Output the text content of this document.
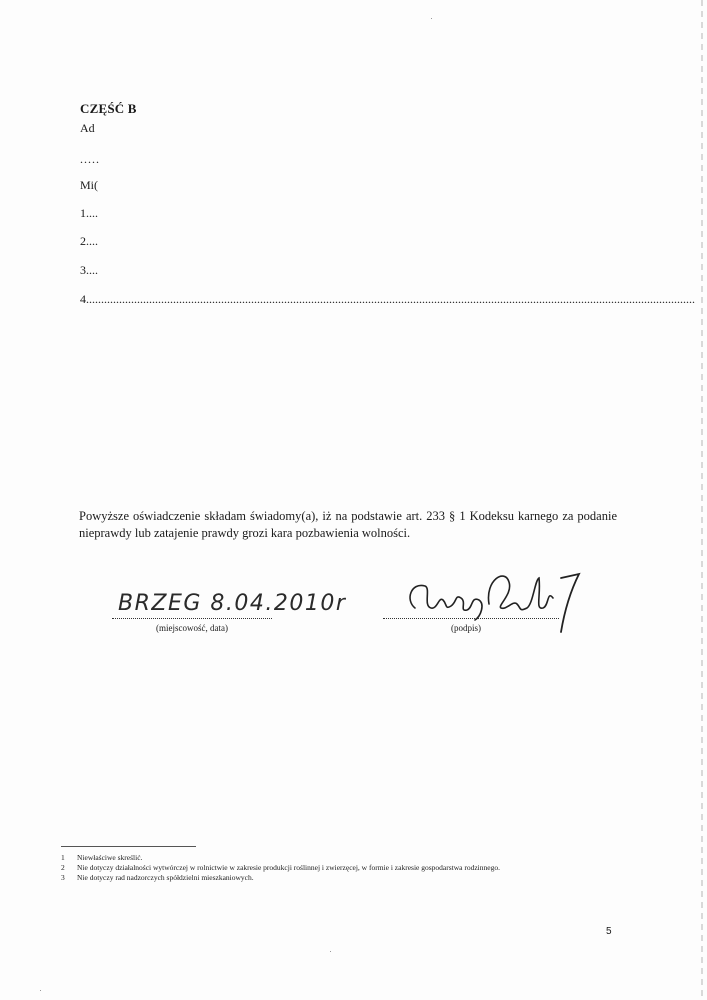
CZĘŚĆ B
Ad
.....
Mi(
1....
2....
3....
4...........................................................................................................................................................................................................
Powyższe oświadczenie składam świadomy(a), iż na podstawie art. 233 § 1 Kodeksu karnego za podanie nieprawdy lub zatajenie prawdy grozi kara pozbawienia wolności.
BRZEG 8.04.2010r
(miejscowość, data)	(podpis)
1	Niewłaściwe skreślić.
2	Nie dotyczy działalności wytwórczej w rolnictwie w zakresie produkcji roślinnej i zwierzęcej, w formie i zakresie gospodarstwa rodzinnego.
3	Nie dotyczy rad nadzorczych spółdzielni mieszkaniowych.
5
